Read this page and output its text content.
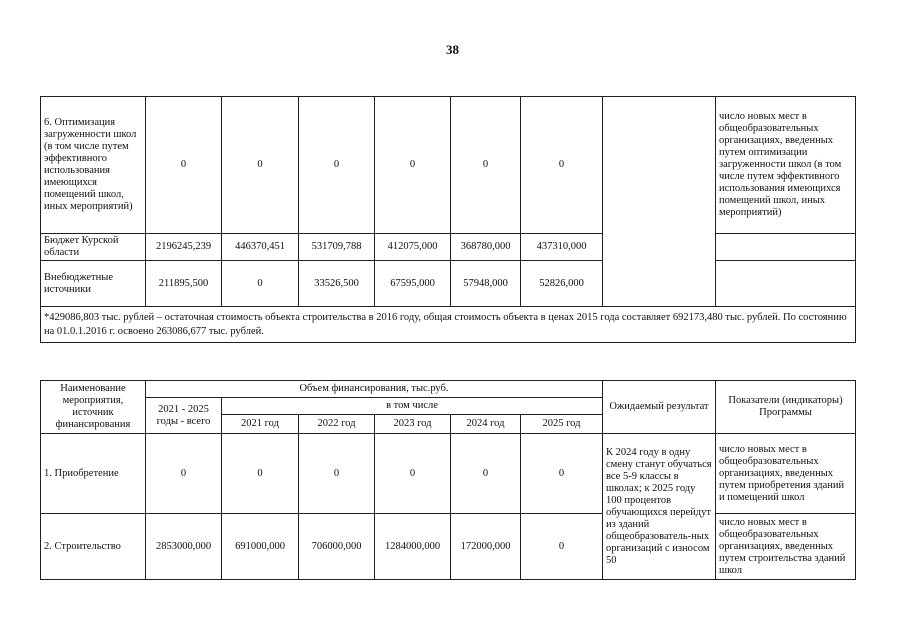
38
6. Оптимизация загруженности школ (в том числе путем эффективного использования имеющихся помещений школ, иных мероприятий)	0	0	0	0	0	0		число новых мест в общеобразовательных организациях, введенных путем оптимизации загруженности школ (в том числе путем эффективного использования имеющихся помещений школ, иных мероприятий)
Бюджет Курской области	2196245,239	446370,451	531709,788	412075,000	368780,000	437310,000		
Внебюджетные источники	211895,500	0	33526,500	67595,000	57948,000	52826,000		
*429086,803 тыс. рублей – остаточная стоимость объекта строительства в 2016 году, общая стоимость объекта в ценах 2015 года составляет 692173,480 тыс. рублей. По состоянию на 01.0.1.2016 г. освоено 263086,677 тыс. рублей.								
Наименование мероприятия, источник финансирования	Объем финансирования, тыс.руб.						Ожидаемый результат	Показатели (индикаторы) Программы
	2021 - 2025 годы - всего	в том числе						
		2021 год	2022 год	2023 год	2024 год	2025 год		
1. Приобретение	0	0	0	0	0	0	К 2024 году в одну смену станут обучаться все 5-9 классы в школах; к 2025 году 100 процентов обучающихся перейдут из зданий общеобразователь-ных организаций с износом 50	число новых мест в общеобразовательных организациях, введенных путем приобретения зданий и помещений школ
2. Строительство	2853000,000	691000,000	706000,000	1284000,000	172000,000	0		число новых мест в общеобразовательных организациях, введенных путем строительства зданий школ
